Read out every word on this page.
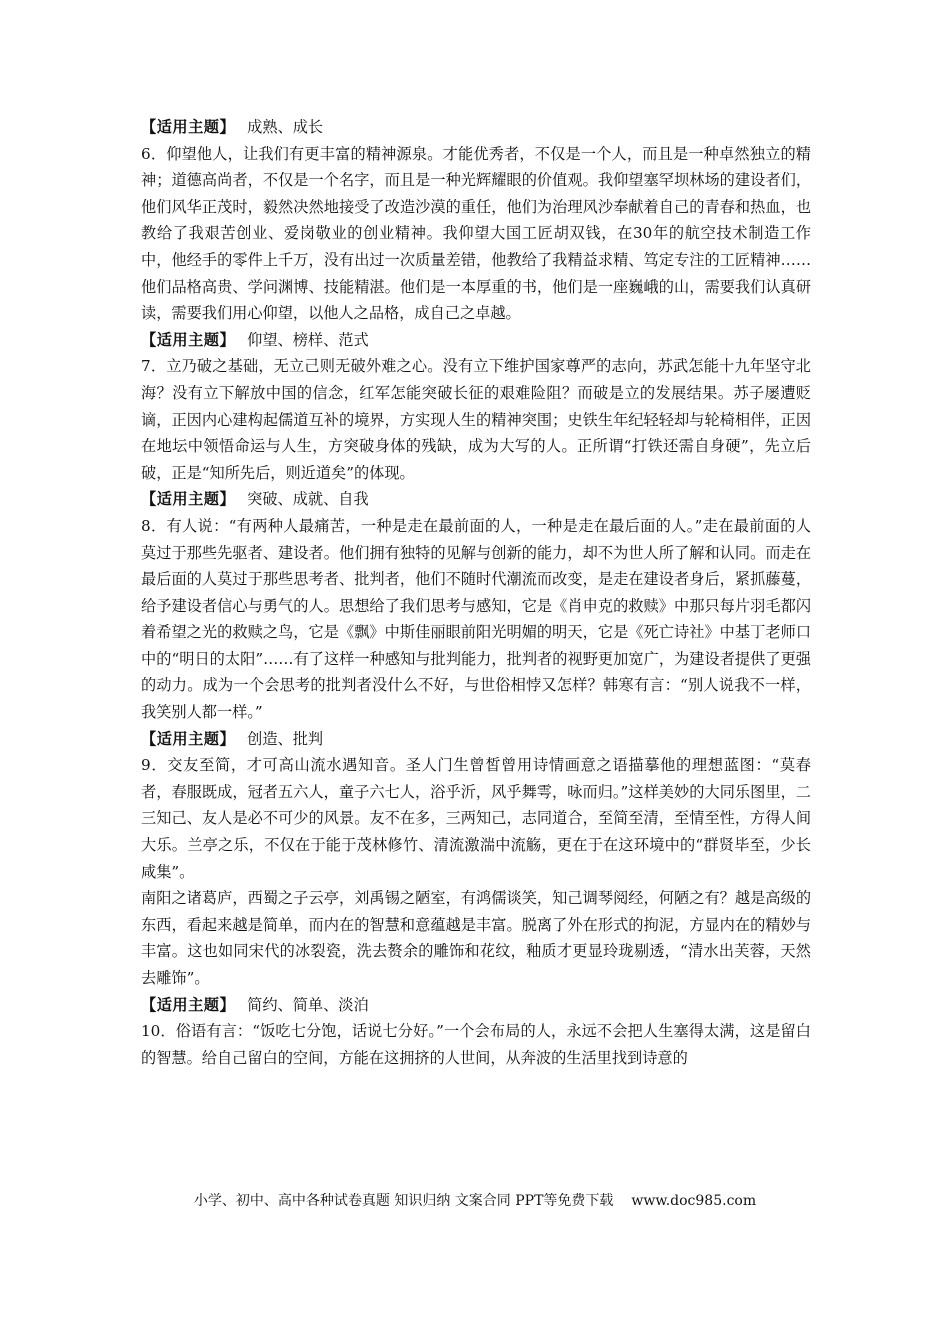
【适用主题】 成熟、成长

6．仰望他人，让我们有更丰富的精神源泉。才能优秀者，不仅是一个人，而且是一种卓然独立的精神；道德高尚者，不仅是一个名字，而且是一种光辉耀眼的价值观。我仰望塞罕坝林场的建设者们，他们风华正茂时，毅然决然地接受了改造沙漠的重任，他们为治理风沙奉献着自己的青春和热血，也教给了我艰苦创业、爱岗敬业的创业精神。我仰望大国工匠胡双钱，在30年的航空技术制造工作中，他经手的零件上千万，没有出过一次质量差错，他教给了我精益求精、笃定专注的工匠精神……他们品格高贵、学问渊博、技能精湛。他们是一本厚重的书，他们是一座巍峨的山，需要我们认真研读，需要我们用心仰望，以他人之品格，成自己之卓越。

【适用主题】 仰望、榜样、范式

7．立乃破之基础，无立己则无破外难之心。没有立下维护国家尊严的志向，苏武怎能十九年坚守北海？没有立下解放中国的信念，红军怎能突破长征的艰难险阻？而破是立的发展结果。苏子屡遭贬谪，正因内心建构起儒道互补的境界，方实现人生的精神突围；史铁生年纪轻轻却与轮椅相伴，正因在地坛中领悟命运与人生，方突破身体的残缺，成为大写的人。正所谓“打铁还需自身硬”，先立后破，正是“知所先后，则近道矣”的体现。

【适用主题】 突破、成就、自我

8．有人说：“有两种人最痛苦，一种是走在最前面的人，一种是走在最后面的人。”走在最前面的人莫过于那些先驱者、建设者。他们拥有独特的见解与创新的能力，却不为世人所了解和认同。而走在最后面的人莫过于那些思考者、批判者，他们不随时代潮流而改变，是走在建设者身后，紧抓藤蔓，给予建设者信心与勇气的人。思想给了我们思考与感知，它是《肖申克的救赎》中那只每片羽毛都闪着希望之光的救赎之鸟，它是《飘》中斯佳丽眼前阳光明媚的明天，它是《死亡诗社》中基丁老师口中的“明日的太阳”……有了这样一种感知与批判能力，批判者的视野更加宽广，为建设者提供了更强的动力。成为一个会思考的批判者没什么不好，与世俗相悖又怎样？韩寒有言：“别人说我不一样，我笑别人都一样。”

【适用主题】 创造、批判

9．交友至简，才可高山流水遇知音。圣人门生曾皙曾用诗情画意之语描摹他的理想蓝图：“莫春者，春服既成，冠者五六人，童子六七人，浴乎沂，风乎舞雩，咏而归。”这样美妙的大同乐图里，二三知己、友人是必不可少的风景。友不在多，三两知己，志同道合，至简至清，至情至性，方得人间大乐。兰亭之乐，不仅在于能于茂林修竹、清流激湍中流觞，更在于在这环境中的“群贤毕至，少长咸集”。

南阳之诸葛庐，西蜀之子云亭，刘禹锡之陋室，有鸿儒谈笑，知己调琴阅经，何陋之有？越是高级的东西，看起来越是简单，而内在的智慧和意蕴越是丰富。脱离了外在形式的拘泥，方显内在的精妙与丰富。这也如同宋代的冰裂瓷，洗去赘余的雕饰和花纹，釉质才更显玲珑剔透，“清水出芙蓉，天然去雕饰”。

【适用主题】 简约、简单、淡泊

10．俗语有言：“饭吃七分饱，话说七分好。”一个会布局的人，永远不会把人生塞得太满，这是留白的智慧。给自己留白的空间，方能在这拥挤的人世间，从奔波的生活里找到诗意的

小学、初中、高中各种试卷真题 知识归纳 文案合同 PPT等免费下载 www.doc985.com
